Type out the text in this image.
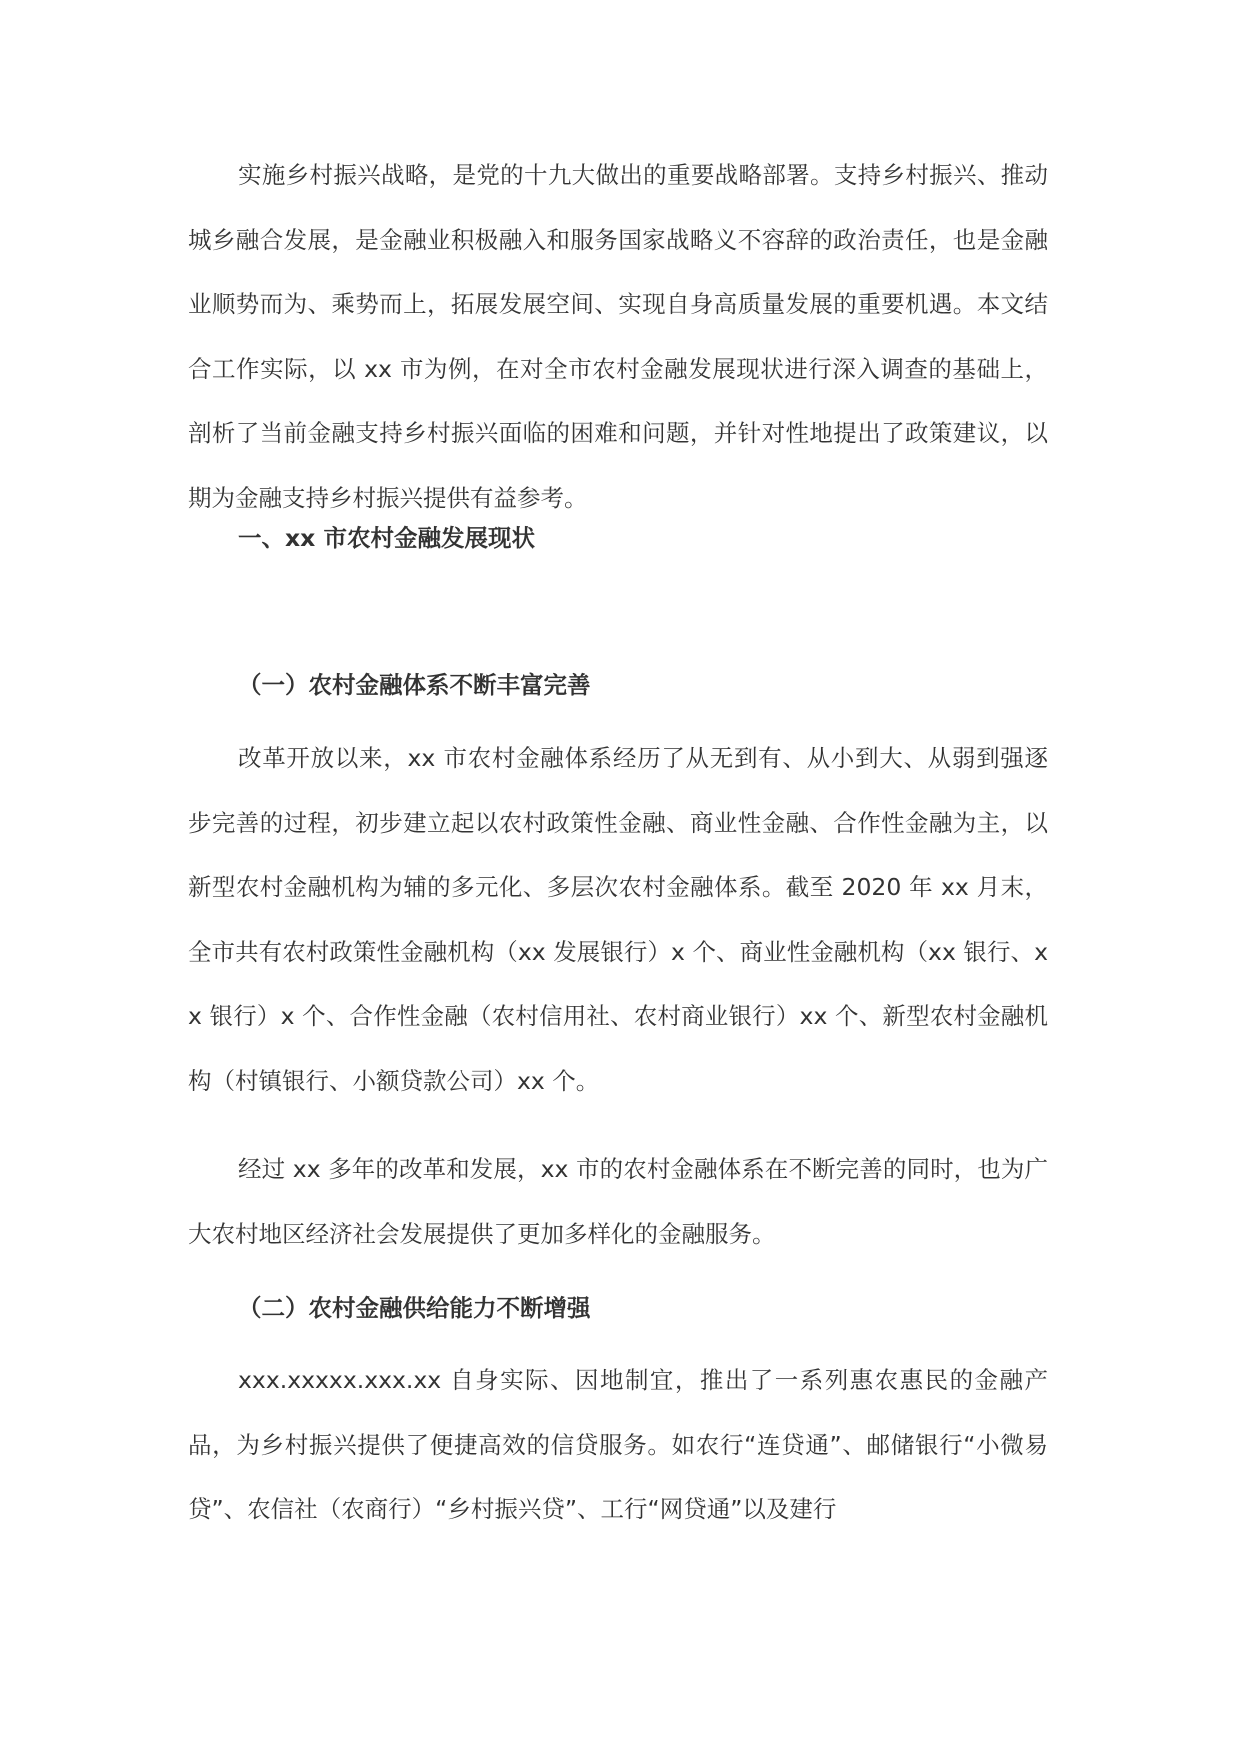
实施乡村振兴战略，是党的十九大做出的重要战略部署。支持乡村振兴、推动城乡融合发展，是金融业积极融入和服务国家战略义不容辞的政治责任，也是金融业顺势而为、乘势而上，拓展发展空间、实现自身高质量发展的重要机遇。本文结合工作实际，以 xx 市为例，在对全市农村金融发展现状进行深入调查的基础上，剖析了当前金融支持乡村振兴面临的困难和问题，并针对性地提出了政策建议，以期为金融支持乡村振兴提供有益参考。

一、xx 市农村金融发展现状
（一）农村金融体系不断丰富完善

改革开放以来，xx 市农村金融体系经历了从无到有、从小到大、从弱到强逐步完善的过程，初步建立起以农村政策性金融、商业性金融、合作性金融为主，以新型农村金融机构为辅的多元化、多层次农村金融体系。截至 2020 年 xx 月末，全市共有农村政策性金融机构（xx 发展银行）x 个、商业性金融机构（xx 银行、xx 银行）x 个、合作性金融（农村信用社、农村商业银行）xx 个、新型农村金融机构（村镇银行、小额贷款公司）xx 个。

经过 xx 多年的改革和发展，xx 市的农村金融体系在不断完善的同时，也为广大农村地区经济社会发展提供了更加多样化的金融服务。

（二）农村金融供给能力不断增强

xxx.xxxxx.xxx.xx 自身实际、因地制宜，推出了一系列惠农惠民的金融产品，为乡村振兴提供了便捷高效的信贷服务。如农行“连贷通”、邮储银行“小微易贷”、农信社（农商行）“乡村振兴贷”、工行“网贷通”以及建行
